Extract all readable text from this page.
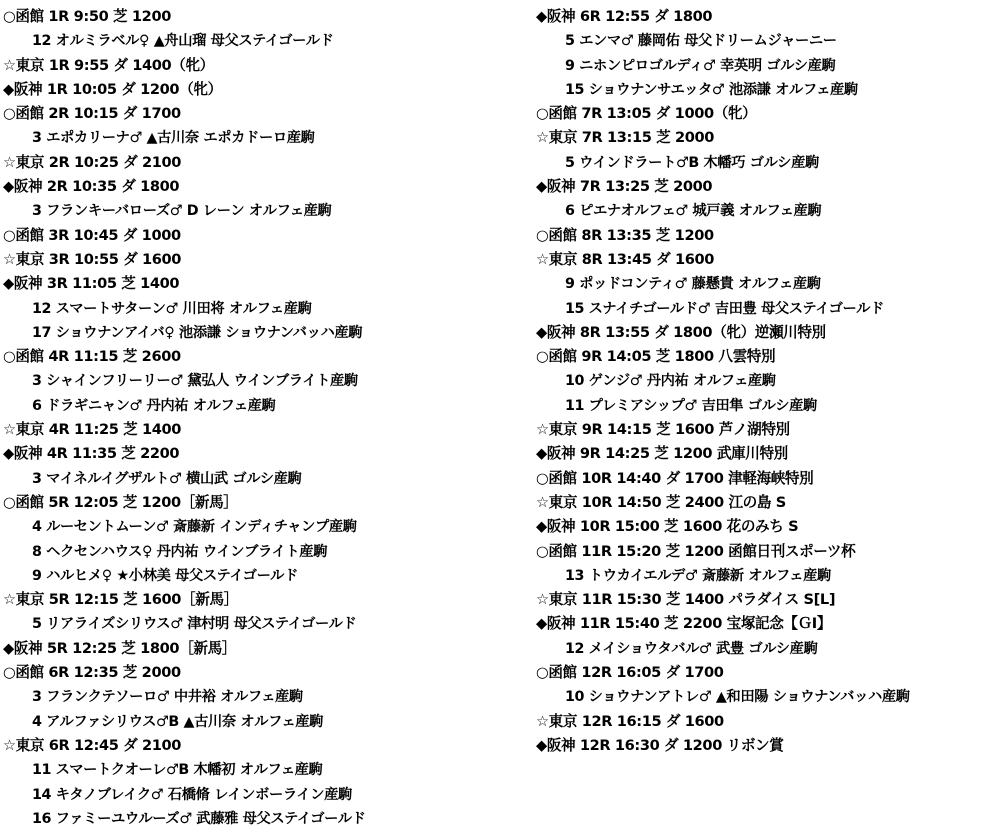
○函館 1R 9:50 芝 1200
12 オルミラベル♀ ▲舟山瑠 母父ステイゴールド
☆東京 1R 9:55 ダ 1400（牝）
◆阪神 1R 10:05 ダ 1200（牝）
○函館 2R 10:15 ダ 1700
3 エポカリーナ♂ ▲古川奈 エポカドーロ産駒
☆東京 2R 10:25 ダ 2100
◆阪神 2R 10:35 ダ 1800
3 フランキーバローズ♂ D レーン オルフェ産駒
○函館 3R 10:45 ダ 1000
☆東京 3R 10:55 ダ 1600
◆阪神 3R 11:05 芝 1400
12 スマートサターン♂ 川田将 オルフェ産駒
17 ショウナンアイバ♀ 池添謙 ショウナンバッハ産駒
○函館 4R 11:15 芝 2600
3 シャインフリーリー♂ 黛弘人 ウインブライト産駒
6 ドラギニャン♂ 丹内祐 オルフェ産駒
☆東京 4R 11:25 芝 1400
◆阪神 4R 11:35 芝 2200
3 マイネルイグザルト♂ 横山武 ゴルシ産駒
○函館 5R 12:05 芝 1200［新馬］
4 ルーセントムーン♂ 斎藤新 インディチャンプ産駒
8 ヘクセンハウス♀ 丹内祐 ウインブライト産駒
9 ハルヒメ♀ ★小林美 母父ステイゴールド
☆東京 5R 12:15 芝 1600［新馬］
5 リアライズシリウス♂ 津村明 母父ステイゴールド
◆阪神 5R 12:25 芝 1800［新馬］
○函館 6R 12:35 芝 2000
3 フランクテソーロ♂ 中井裕 オルフェ産駒
4 アルファシリウス♂B ▲古川奈 オルフェ産駒
☆東京 6R 12:45 ダ 2100
11 スマートクオーレ♂B 木幡初 オルフェ産駒
14 キタノブレイク♂ 石橋脩 レインボーライン産駒
16 ファミーユウルーズ♂ 武藤雅 母父ステイゴールド
◆阪神 6R 12:55 ダ 1800
5 エンマ♂ 藤岡佑 母父ドリームジャーニー
9 ニホンピロゴルディ♂ 幸英明 ゴルシ産駒
15 ショウナンサエッタ♂ 池添謙 オルフェ産駒
○函館 7R 13:05 ダ 1000（牝）
☆東京 7R 13:15 芝 2000
5 ウインドラート♂B 木幡巧 ゴルシ産駒
◆阪神 7R 13:25 芝 2000
6 ピエナオルフェ♂ 城戸義 オルフェ産駒
○函館 8R 13:35 芝 1200
☆東京 8R 13:45 ダ 1600
9 ポッドコンティ♂ 藤懸貴 オルフェ産駒
15 スナイチゴールド♂ 吉田豊 母父ステイゴールド
◆阪神 8R 13:55 ダ 1800（牝）逆瀬川特別
○函館 9R 14:05 芝 1800 八雲特別
10 ゲンジ♂ 丹内祐 オルフェ産駒
11 プレミアシップ♂ 吉田隼 ゴルシ産駒
☆東京 9R 14:15 芝 1600 芦ノ湖特別
◆阪神 9R 14:25 芝 1200 武庫川特別
○函館 10R 14:40 ダ 1700 津軽海峡特別
☆東京 10R 14:50 芝 2400 江の島 S
◆阪神 10R 15:00 芝 1600 花のみち S
○函館 11R 15:20 芝 1200 函館日刊スポーツ杯
13 トウカイエルデ♂ 斎藤新 オルフェ産駒
☆東京 11R 15:30 芝 1400 パラダイス S[L]
◆阪神 11R 15:40 芝 2200 宝塚記念【ＧⅠ】
12 メイショウタバル♂ 武豊 ゴルシ産駒
○函館 12R 16:05 ダ 1700
10 ショウナンアトレ♂ ▲和田陽 ショウナンバッハ産駒
☆東京 12R 16:15 ダ 1600
◆阪神 12R 16:30 ダ 1200 リボン賞
